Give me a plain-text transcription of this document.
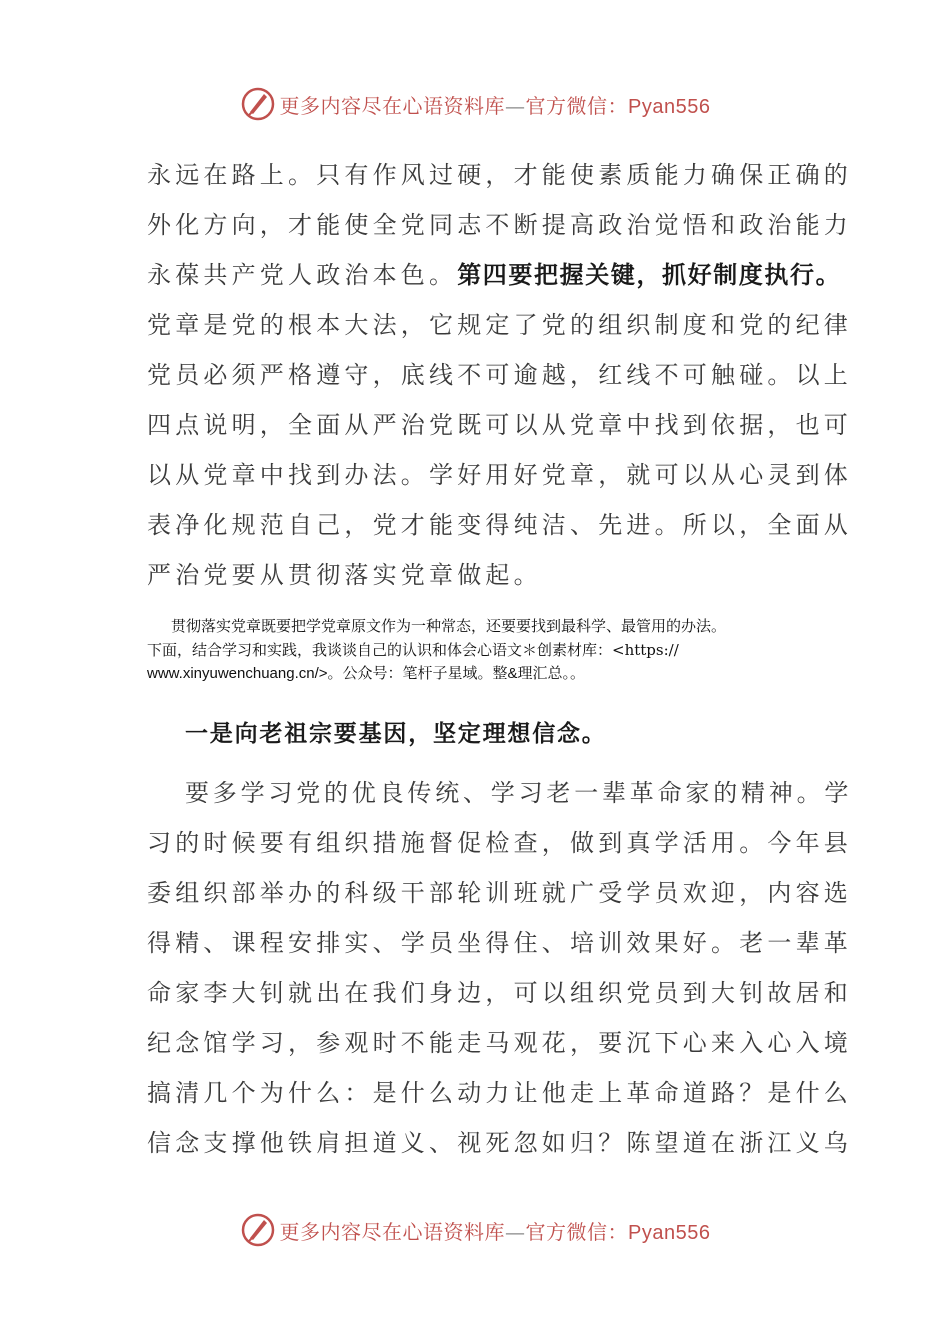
更多内容尽在心语资料库—官方微信：Pyan556

永远在路上。只有作风过硬，才能使素质能力确保正确的

外化方向，才能使全党同志不断提高政治觉悟和政治能力

永葆共产党人政治本色。第四要把握关键，抓好制度执行。

党章是党的根本大法，它规定了党的组织制度和党的纪律

党员必须严格遵守，底线不可逾越，红线不可触碰。以上

四点说明，全面从严治党既可以从党章中找到依据，也可

以从党章中找到办法。学好用好党章，就可以从心灵到体

表净化规范自己，党才能变得纯洁、先进。所以，全面从

严治党要从贯彻落实党章做起。

贯彻落实党章既要把学党章原文作为一种常态，还要要找到最科学、最管用的办法。

下面，结合学习和实践，我谈谈自己的认识和体会心语文＊创素材库：<https://

www.xinyuwenchuang.cn/>。公众号：笔杆子星域。整&理汇总。。

一是向老祖宗要基因，坚定理想信念。

要多学习党的优良传统、学习老一辈革命家的精神。学

习的时候要有组织措施督促检查，做到真学活用。今年县

委组织部举办的科级干部轮训班就广受学员欢迎，内容选

得精、课程安排实、学员坐得住、培训效果好。老一辈革

命家李大钊就出在我们身边，可以组织党员到大钊故居和

纪念馆学习，参观时不能走马观花，要沉下心来入心入境

搞清几个为什么：是什么动力让他走上革命道路？是什么

信念支撑他铁肩担道义、视死忽如归？陈望道在浙江义乌

更多内容尽在心语资料库—官方微信：Pyan556
